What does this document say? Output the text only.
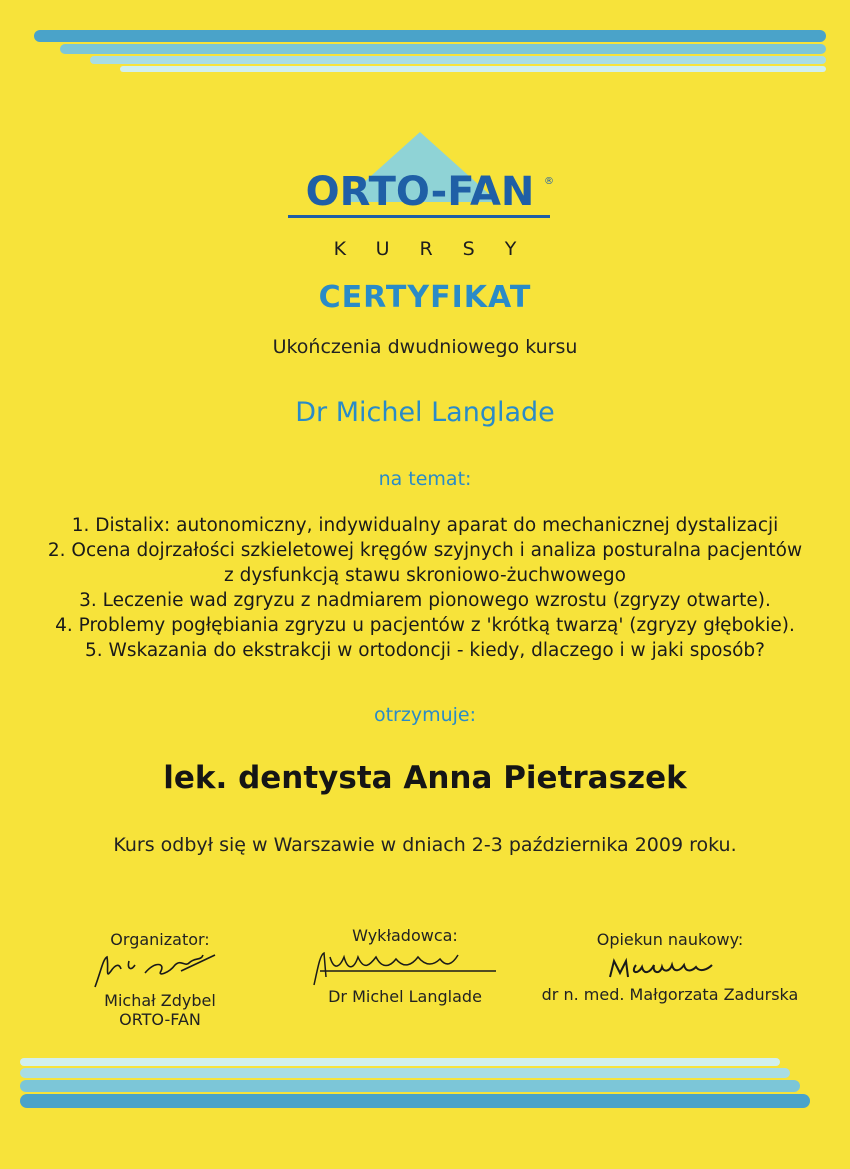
ORTO-FAN ®
KURSY
CERTYFIKAT
Ukończenia dwudniowego kursu
Dr Michel Langlade
na temat:
1. Distalix: autonomiczny, indywidualny aparat do mechanicznej dystalizacji
2. Ocena dojrzałości szkieletowej kręgów szyjnych i analiza posturalna pacjentów
z dysfunkcją stawu skroniowo-żuchwowego
3. Leczenie wad zgryzu z nadmiarem pionowego wzrostu (zgryzy otwarte).
4. Problemy pogłębiania zgryzu u pacjentów z 'krótką twarzą' (zgryzy głębokie).
5. Wskazania do ekstrakcji w ortodoncji - kiedy, dlaczego i w jaki sposób?
otrzymuje:
lek. dentysta Anna Pietraszek
Kurs odbył się w Warszawie w dniach 2-3 października 2009 roku.
Organizator:
Michał Zdybel
ORTO-FAN
Wykładowca:
Dr Michel Langlade
Opiekun naukowy:
dr n. med. Małgorzata Zadurska
